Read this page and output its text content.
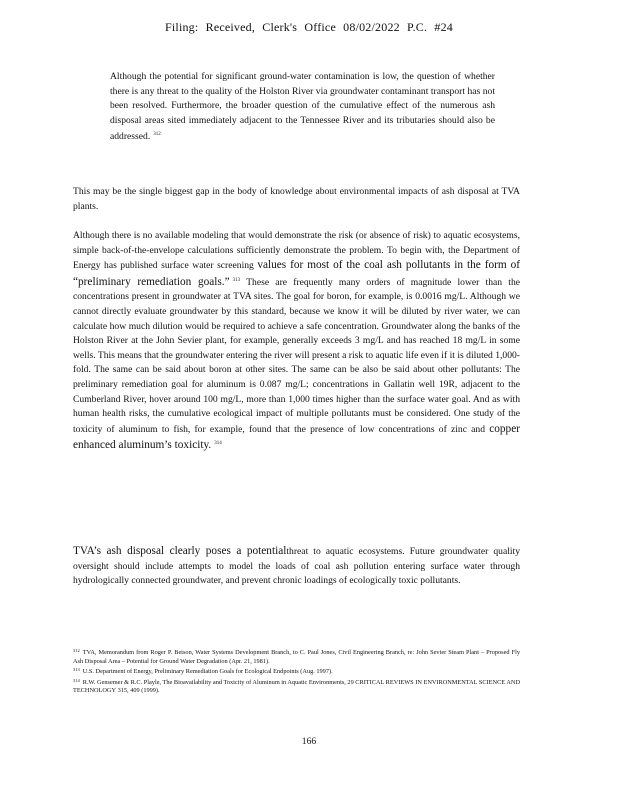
Filing: Received, Clerk's Office 08/02/2022 P.C. #24
Although the potential for significant ground-water contamination is low, the question of whether there is any threat to the quality of the Holston River via groundwater contaminant transport has not been resolved. Furthermore, the broader question of the cumulative effect of the numerous ash disposal areas sited immediately adjacent to the Tennessee River and its tributaries should also be addressed. $^{312}$
This may be the single biggest gap in the body of knowledge about environmental impacts of ash disposal at TVA plants.
Although there is no available modeling that would demonstrate the risk (or absence of risk) to aquatic ecosystems, simple back-of-the-envelope calculations sufficiently demonstrate the problem. To begin with, the Department of Energy has published surface water screening values for most of the coal ash pollutants in the form of “preliminary remediation goals.” $^{313}$ These are frequently many orders of magnitude lower than the concentrations present in groundwater at TVA sites. The goal for boron, for example, is 0.0016 mg/L. Although we cannot directly evaluate groundwater by this standard, because we know it will be diluted by river water, we can calculate how much dilution would be required to achieve a safe concentration. Groundwater along the banks of the Holston River at the John Sevier plant, for example, generally exceeds 3 mg/L and has reached 18 mg/L in some wells. This means that the groundwater entering the river will present a risk to aquatic life even if it is diluted 1,000-fold. The same can be said about boron at other sites. The same can be also be said about other pollutants: The preliminary remediation goal for aluminum is 0.087 mg/L; concentrations in Gallatin well 19R, adjacent to the Cumberland River, hover around 100 mg/L, more than 1,000 times higher than the surface water goal. And as with human health risks, the cumulative ecological impact of multiple pollutants must be considered. One study of the toxicity of aluminum to fish, for example, found that the presence of low concentrations of zinc and copper enhanced aluminum’s toxicity. $^{314}$
TVA’s ash disposal clearly poses a potentialthreat to aquatic ecosystems. Future groundwater quality oversight should include attempts to model the loads of coal ash pollution entering surface water through hydrologically connected groundwater, and prevent chronic loadings of ecologically toxic pollutants.
$^{312}$ TVA, Memorandum from Roger P. Betson, Water Systems Development Branch, to C. Paul Jones, Civil Engineering Branch, re: John Sevier Steam Plant – Proposed Fly Ash Disposal Area – Potential for Ground Water Degradation (Apr. 21, 1981).
$^{313}$ U.S. Department of Energy, Preliminary Remediation Goals for Ecological Endpoints (Aug. 1997).
$^{314}$ R.W. Gensemer & R.C. Playle, The Bioavailability and Toxicity of Aluminum in Aquatic Environments, 29 CRITICAL REVIEWS IN ENVIRONMENTAL SCIENCE AND TECHNOLOGY 315, 409 (1999).
166
